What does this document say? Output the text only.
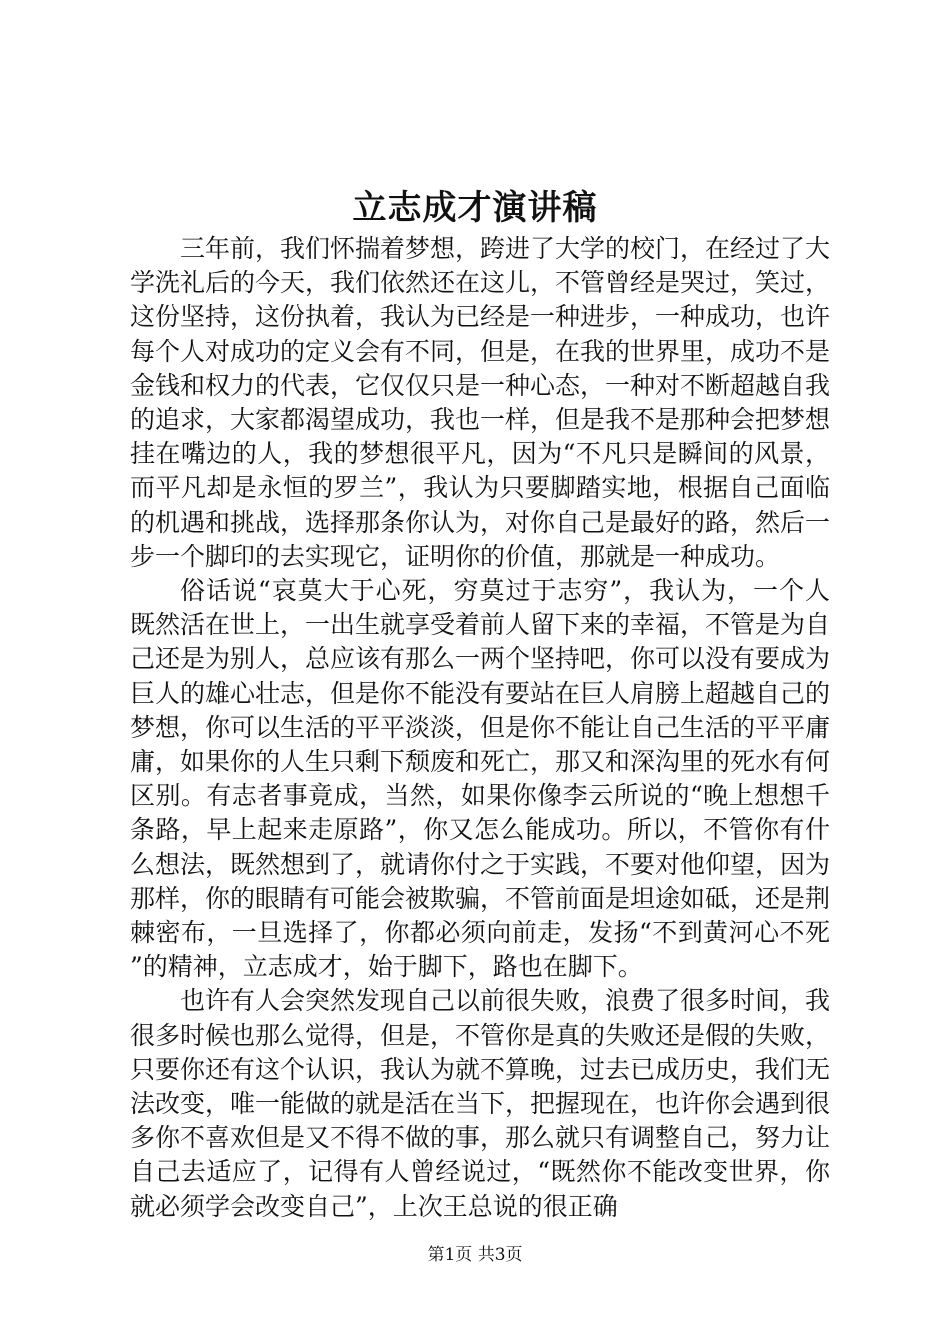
立志成才演讲稿

三年前，我们怀揣着梦想，跨进了大学的校门，在经过了大学洗礼后的今天，我们依然还在这儿，不管曾经是哭过，笑过，这份坚持，这份执着，我认为已经是一种进步，一种成功，也许每个人对成功的定义会有不同，但是，在我的世界里，成功不是金钱和权力的代表，它仅仅只是一种心态，一种对不断超越自我的追求，大家都渴望成功，我也一样，但是我不是那种会把梦想挂在嘴边的人，我的梦想很平凡，因为“不凡只是瞬间的风景，而平凡却是永恒的罗兰”，我认为只要脚踏实地，根据自己面临的机遇和挑战，选择那条你认为，对你自己是最好的路，然后一步一个脚印的去实现它，证明你的价值，那就是一种成功。

俗话说“哀莫大于心死，穷莫过于志穷”，我认为，一个人既然活在世上，一出生就享受着前人留下来的幸福，不管是为自己还是为别人，总应该有那么一两个坚持吧，你可以没有要成为巨人的雄心壮志，但是你不能没有要站在巨人肩膀上超越自己的梦想，你可以生活的平平淡淡，但是你不能让自己生活的平平庸庸，如果你的人生只剩下颓废和死亡，那又和深沟里的死水有何区别。有志者事竟成，当然，如果你像李云所说的“晚上想想千条路，早上起来走原路”，你又怎么能成功。所以，不管你有什么想法，既然想到了，就请你付之于实践，不要对他仰望，因为那样，你的眼睛有可能会被欺骗，不管前面是坦途如砥，还是荆棘密布，一旦选择了，你都必须向前走，发扬“不到黄河心不死”的精神，立志成才，始于脚下，路也在脚下。

也许有人会突然发现自己以前很失败，浪费了很多时间，我很多时候也那么觉得，但是，不管你是真的失败还是假的失败，只要你还有这个认识，我认为就不算晚，过去已成历史，我们无法改变，唯一能做的就是活在当下，把握现在，也许你会遇到很多你不喜欢但是又不得不做的事，那么就只有调整自己，努力让自己去适应了，记得有人曾经说过，“既然你不能改变世界，你就必须学会改变自己”，上次王总说的很正确

第1页 共3页
